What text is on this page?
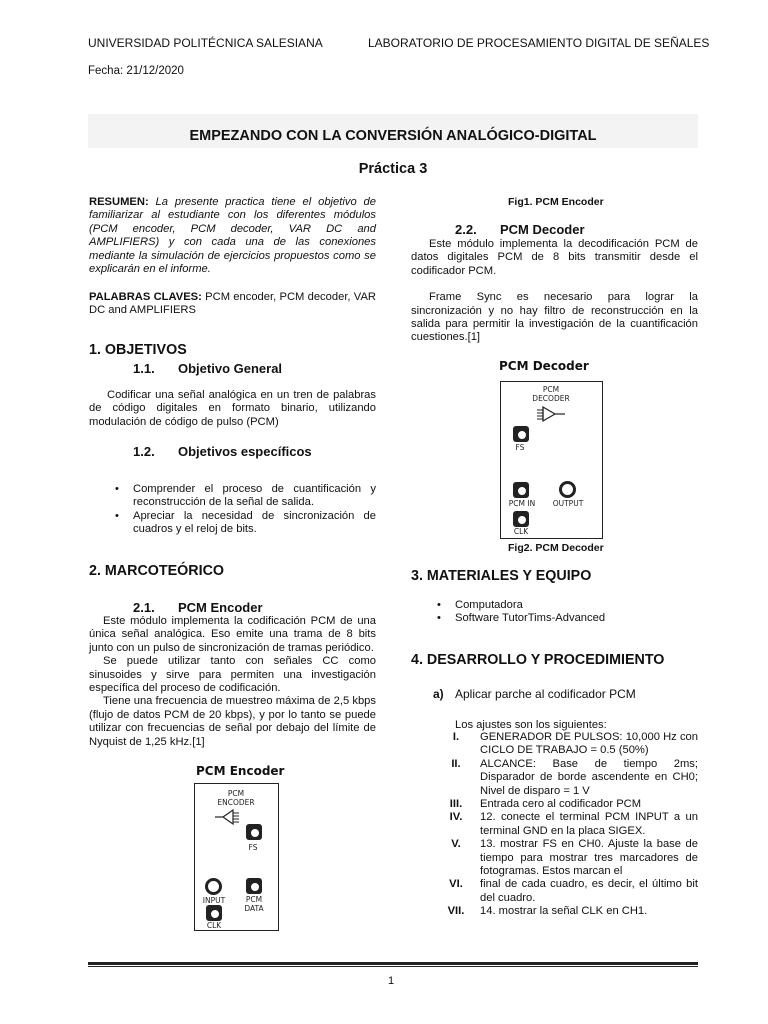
UNIVERSIDAD POLITÉCNICA SALESIANA	LABORATORIO DE PROCESAMIENTO DIGITAL DE SEÑALES
Fecha: 21/12/2020
EMPEZANDO CON LA CONVERSIÓN ANALÓGICO-DIGITAL
Práctica 3
RESUMEN: La presente practica tiene el objetivo de familiarizar al estudiante con los diferentes módulos (PCM encoder, PCM decoder, VAR DC and AMPLIFIERS) y con cada una de las conexiones mediante la simulación de ejercicios propuestos como se explicarán en el informe.
PALABRAS CLAVES: PCM encoder, PCM decoder, VAR DC and AMPLIFIERS
1. OBJETIVOS
1.1. Objetivo General
Codificar una señal analógica en un tren de palabras de código digitales en formato binario, utilizando modulación de código de pulso (PCM)
1.2. Objetivos específicos
• Comprender el proceso de cuantificación y reconstrucción de la señal de salida.
• Apreciar la necesidad de sincronización de cuadros y el reloj de bits.
2. MARCOTEÓRICO
2.1. PCM Encoder

Este módulo implementa la codificación PCM de una única señal analógica. Eso emite una trama de 8 bits junto con un pulso de sincronización de tramas periódico.

Se puede utilizar tanto con señales CC como sinusoides y sirve para permiten una investigación específica del proceso de codificación.

Tiene una frecuencia de muestreo máxima de 2,5 kbps (flujo de datos PCM de 20 kbps), y por lo tanto se puede utilizar con frecuencias de señal por debajo del límite de Nyquist de 1,25 kHz.[1]

PCM Encoder
PCM
ENCODER
FS
INPUT	PCM
DATA
CLK
Fig1. PCM Encoder
2.2. PCM Decoder

Este módulo implementa la decodificación PCM de datos digitales PCM de 8 bits transmitir desde el codificador PCM.

Frame Sync es necesario para lograr la sincronización y no hay filtro de reconstrucción en la salida para permitir la investigación de la cuantificación cuestiones.[1]

PCM Decoder
PCM
DECODER
FS
PCM IN	OUTPUT
CLK
Fig2. PCM Decoder
3. MATERIALES Y EQUIPO
• Computadora
• Software TutorTims-Advanced
4. DESARROLLO Y PROCEDIMIENTO
a) Aplicar parche al codificador PCM
Los ajustes son los siguientes:
I.	GENERADOR DE PULSOS: 10,000 Hz con CICLO DE TRABAJO = 0.5 (50%)
II.	ALCANCE: Base de tiempo 2ms; Disparador de borde ascendente en CH0; Nivel de disparo = 1 V
III.	Entrada cero al codificador PCM
IV.	12. conecte el terminal PCM INPUT a un terminal GND en la placa SIGEX.
V.	13. mostrar FS en CH0. Ajuste la base de tiempo para mostrar tres marcadores de fotogramas. Estos marcan el
VI.	final de cada cuadro, es decir, el último bit del cuadro.
VII.	14. mostrar la señal CLK en CH1.
1
